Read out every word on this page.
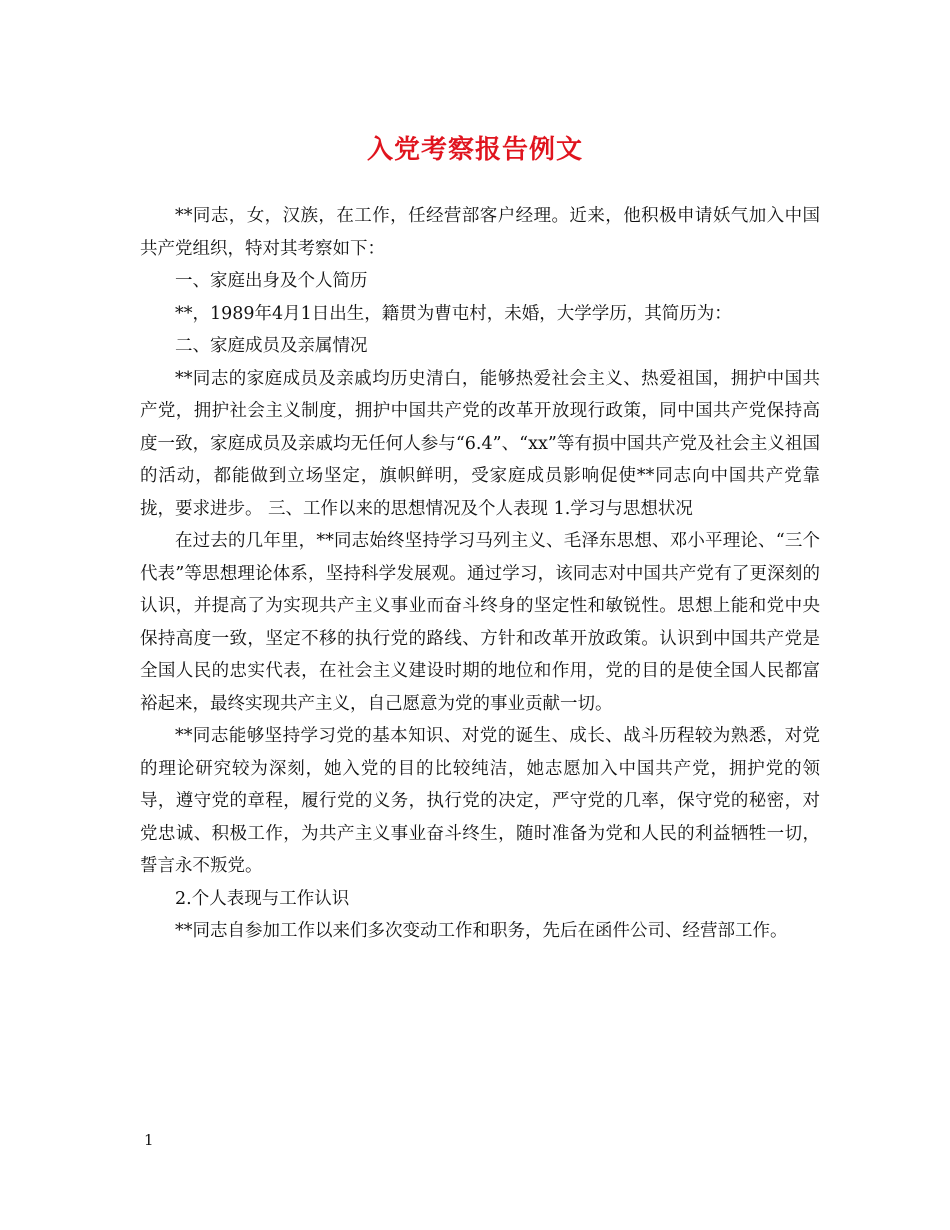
入党考察报告例文

**同志，女，汉族，在工作，任经营部客户经理。近来，他积极申请妖气加入中国共产党组织，特对其考察如下：

一、家庭出身及个人简历

**，1989年4月1日出生，籍贯为曹屯村，未婚，大学学历，其简历为：

二、家庭成员及亲属情况

**同志的家庭成员及亲戚均历史清白，能够热爱社会主义、热爱祖国，拥护中国共产党，拥护社会主义制度，拥护中国共产党的改革开放现行政策，同中国共产党保持高度一致，家庭成员及亲戚均无任何人参与“6.4”、“xx”等有损中国共产党及社会主义祖国的活动，都能做到立场坚定，旗帜鲜明，受家庭成员影响促使**同志向中国共产党靠拢，要求进步。 三、工作以来的思想情况及个人表现 1.学习与思想状况

在过去的几年里，**同志始终坚持学习马列主义、毛泽东思想、邓小平理论、“三个代表”等思想理论体系，坚持科学发展观。通过学习，该同志对中国共产党有了更深刻的认识，并提高了为实现共产主义事业而奋斗终身的坚定性和敏锐性。思想上能和党中央保持高度一致，坚定不移的执行党的路线、方针和改革开放政策。认识到中国共产党是全国人民的忠实代表，在社会主义建设时期的地位和作用，党的目的是使全国人民都富裕起来，最终实现共产主义，自己愿意为党的事业贡献一切。

**同志能够坚持学习党的基本知识、对党的诞生、成长、战斗历程较为熟悉，对党的理论研究较为深刻，她入党的目的比较纯洁，她志愿加入中国共产党，拥护党的领导，遵守党的章程，履行党的义务，执行党的决定，严守党的几率，保守党的秘密，对党忠诚、积极工作，为共产主义事业奋斗终生，随时准备为党和人民的利益牺牲一切，誓言永不叛党。

2.个人表现与工作认识

**同志自参加工作以来们多次变动工作和职务，先后在函件公司、经营部工作。

1
